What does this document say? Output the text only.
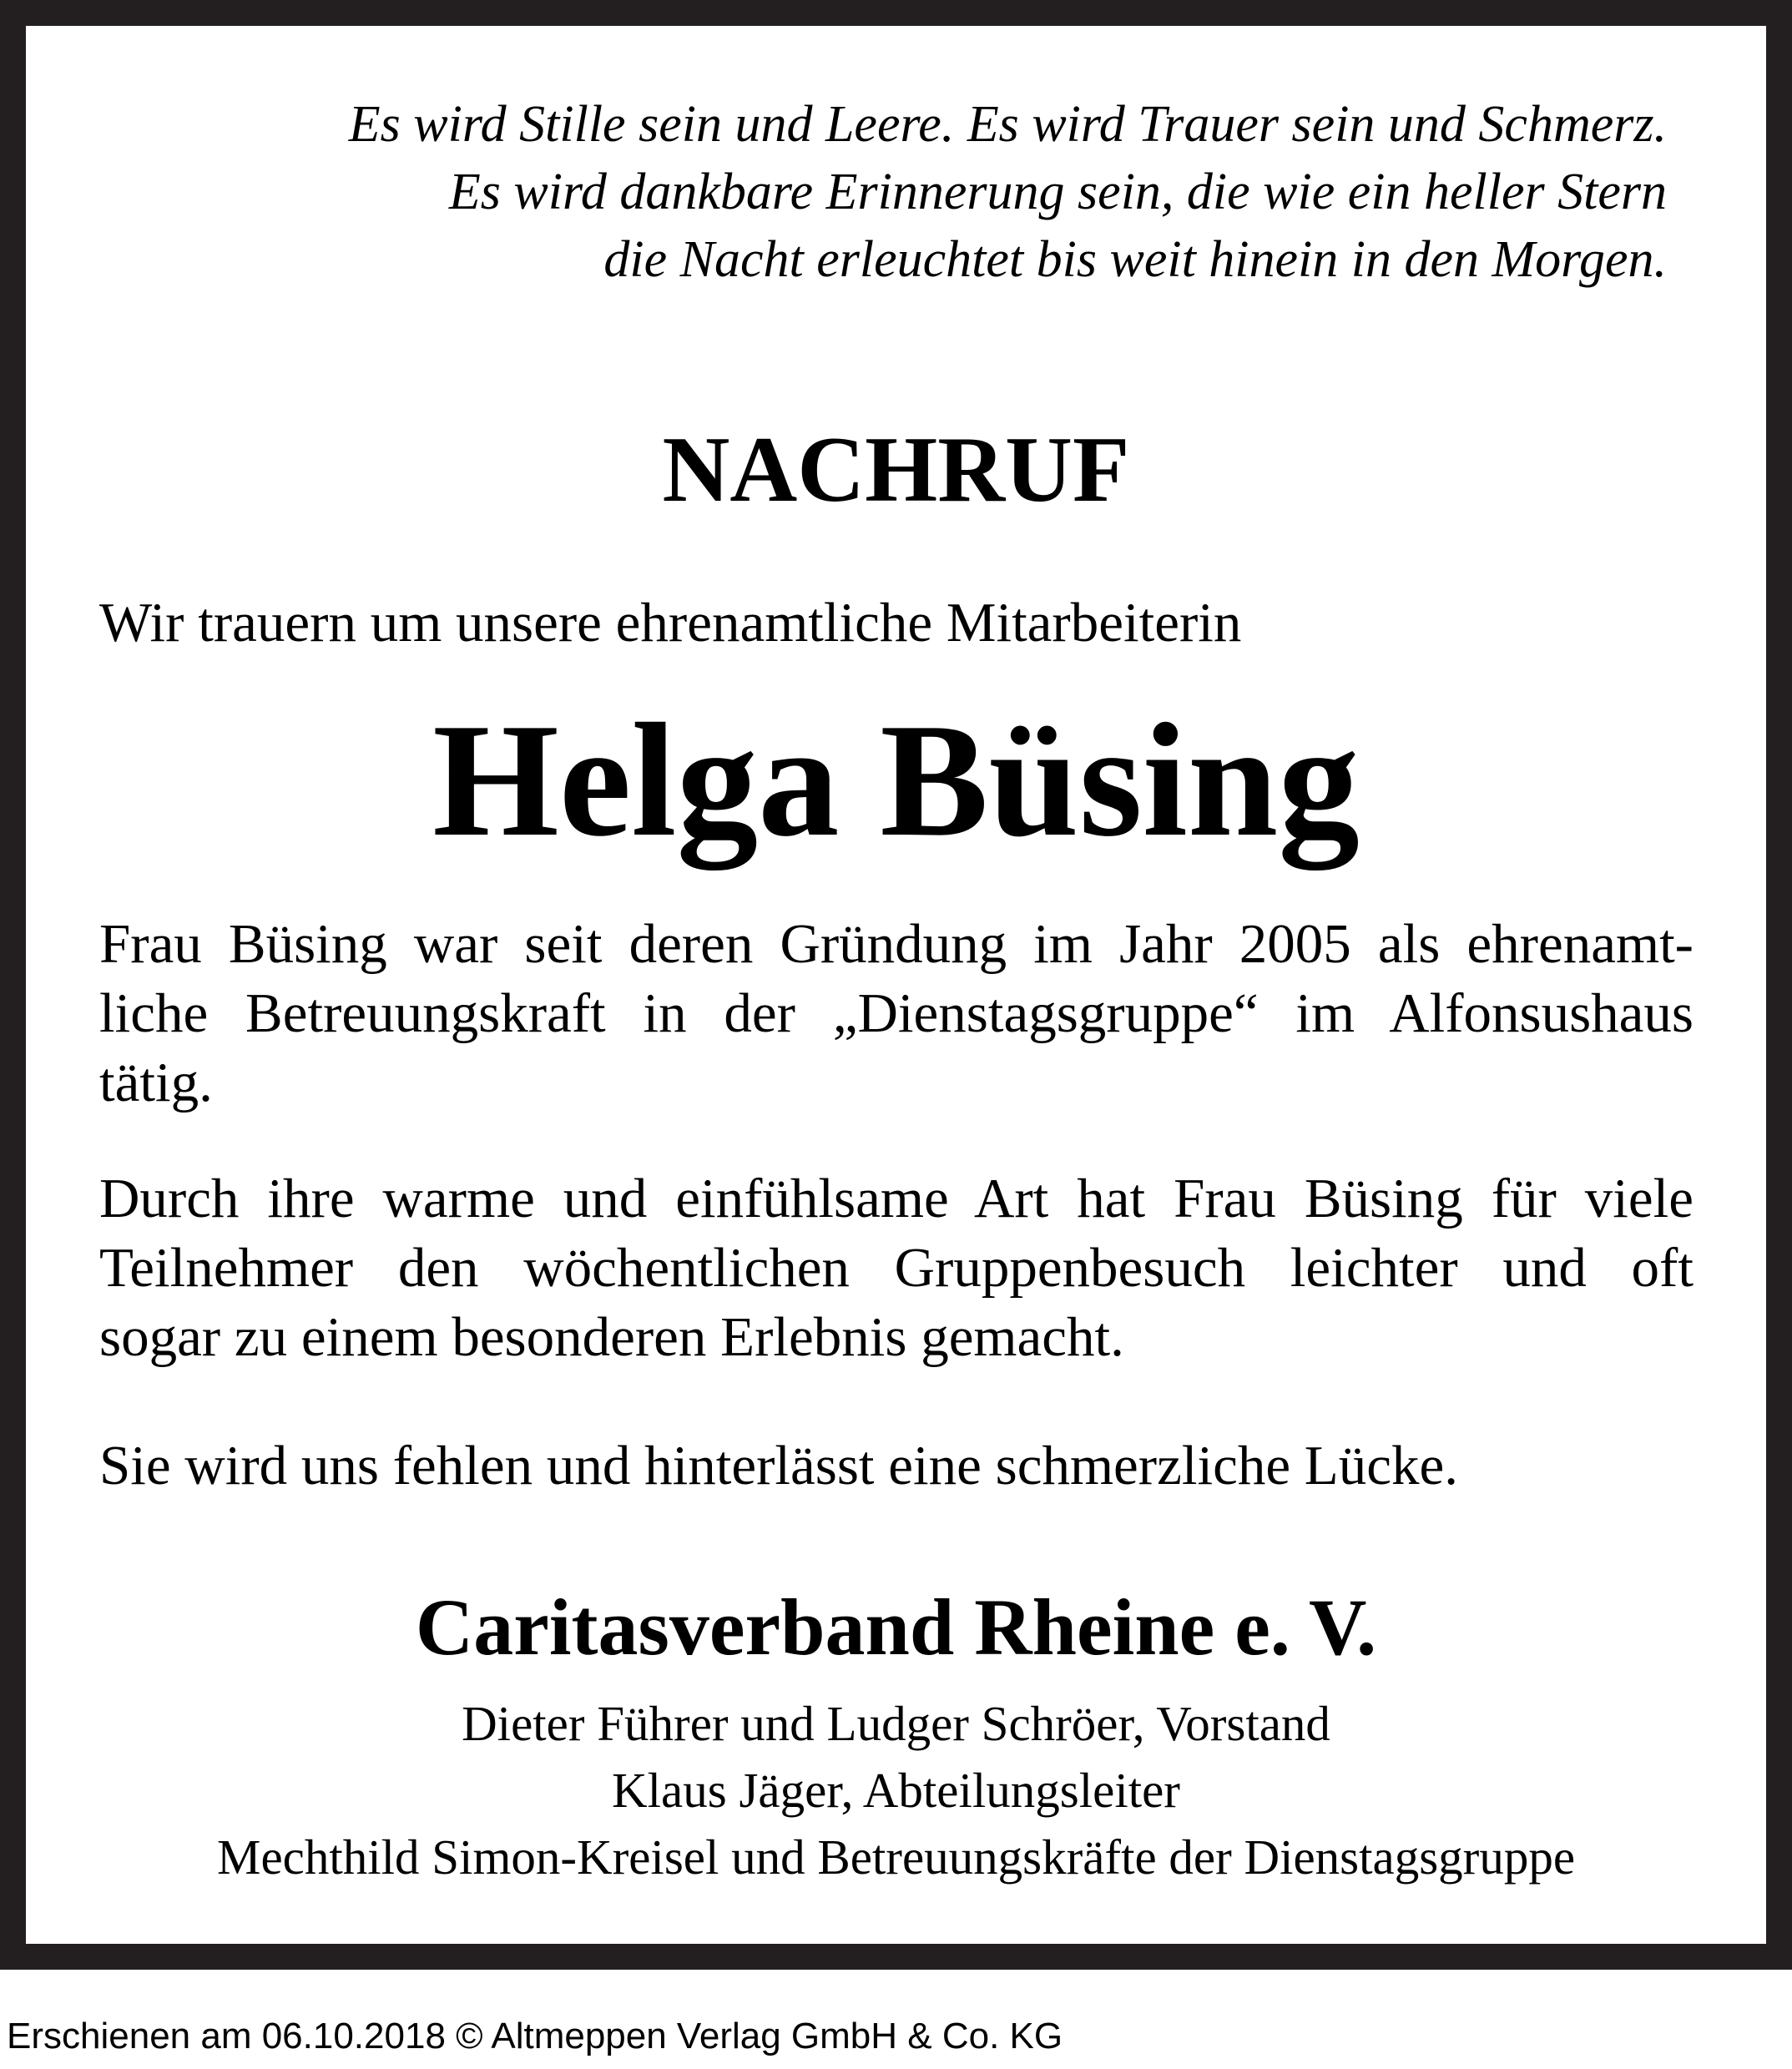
Es wird Stille sein und Leere. Es wird Trauer sein und Schmerz.
Es wird dankbare Erinnerung sein, die wie ein heller Stern
die Nacht erleuchtet bis weit hinein in den Morgen.
NACHRUF
Wir trauern um unsere ehrenamtliche Mitarbeiterin
Helga Büsing
Frau Büsing war seit deren Gründung im Jahr 2005 als ehrenamt-
liche Betreuungskraft in der „Dienstagsgruppe“ im Alfonsushaus
tätig.
Durch ihre warme und einfühlsame Art hat Frau Büsing für viele
Teilnehmer den wöchentlichen Gruppenbesuch leichter und oft
sogar zu einem besonderen Erlebnis gemacht.
Sie wird uns fehlen und hinterlässt eine schmerzliche Lücke.
Caritasverband Rheine e. V.
Dieter Führer und Ludger Schröer, Vorstand
Klaus Jäger, Abteilungsleiter
Mechthild Simon-Kreisel und Betreuungskräfte der Dienstagsgruppe
Erschienen am 06.10.2018 © Altmeppen Verlag GmbH & Co. KG
